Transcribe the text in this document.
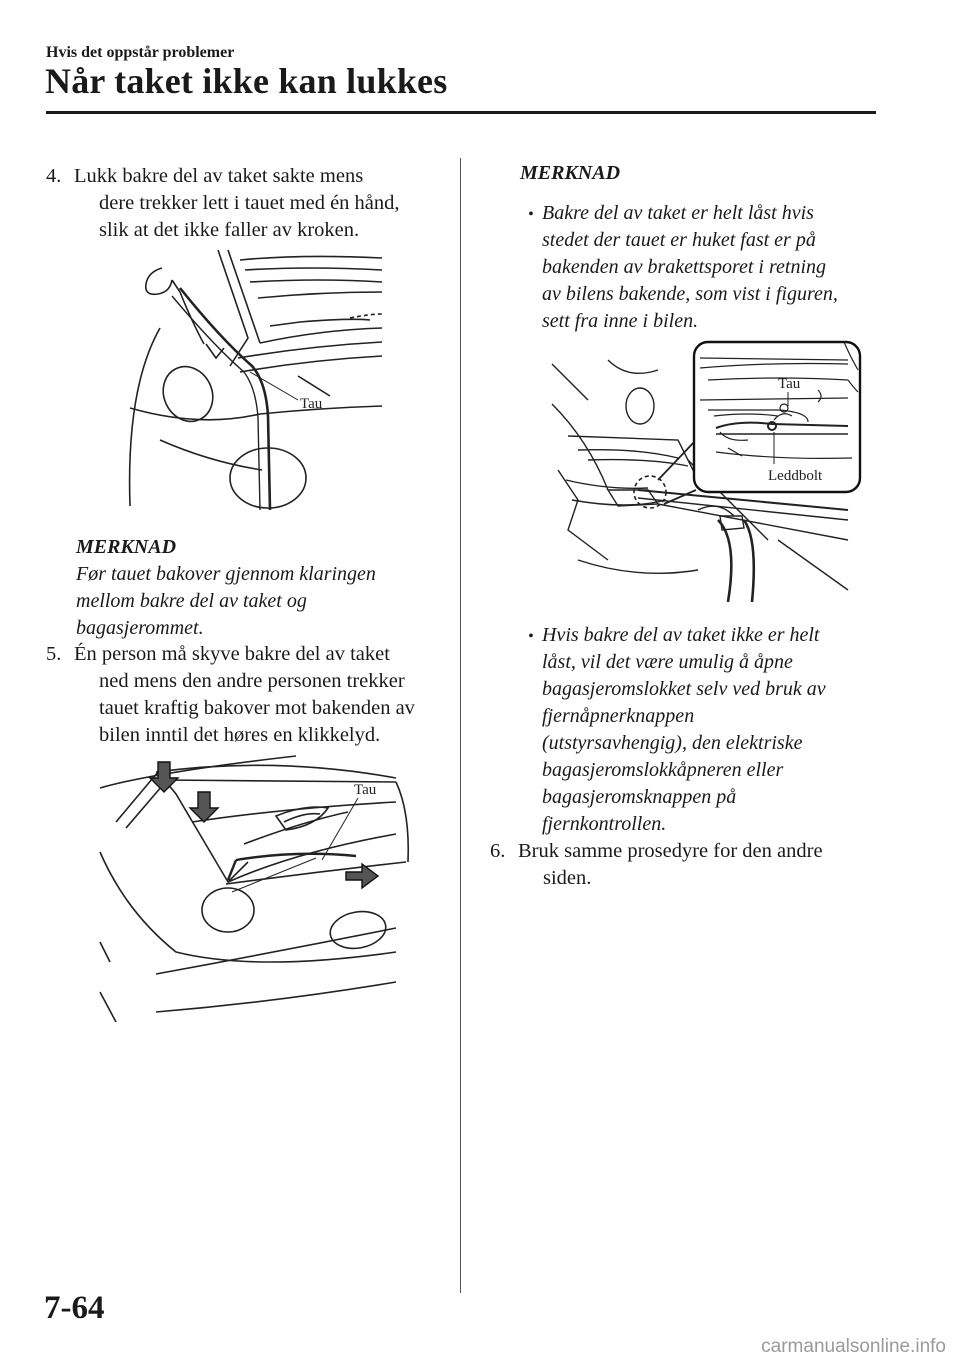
Hvis det oppstår problemer
Når taket ikke kan lukkes
4. Lukk bakre del av taket sakte mens
dere trekker lett i tauet med én hånd,
slik at det ikke faller av kroken.
Tau
MERKNAD
Før tauet bakover gjennom klaringen
mellom bakre del av taket og
bagasjerommet.
5. Én person må skyve bakre del av taket
ned mens den andre personen trekker
tauet kraftig bakover mot bakenden av
bilen inntil det høres en klikkelyd.
Tau
MERKNAD
• Bakre del av taket er helt låst hvis
stedet der tauet er huket fast er på
bakenden av brakettsporet i retning
av bilens bakende, som vist i figuren,
sett fra inne i bilen.
Tau
Leddbolt
• Hvis bakre del av taket ikke er helt
låst, vil det være umulig å åpne
bagasjeromslokket selv ved bruk av
fjernåpnerknappen
(utstyrsavhengig), den elektriske
bagasjeromslokkåpneren eller
bagasjeromsknappen på
fjernkontrollen.
6. Bruk samme prosedyre for den andre
siden.
7-64
carmanualsonline.info
